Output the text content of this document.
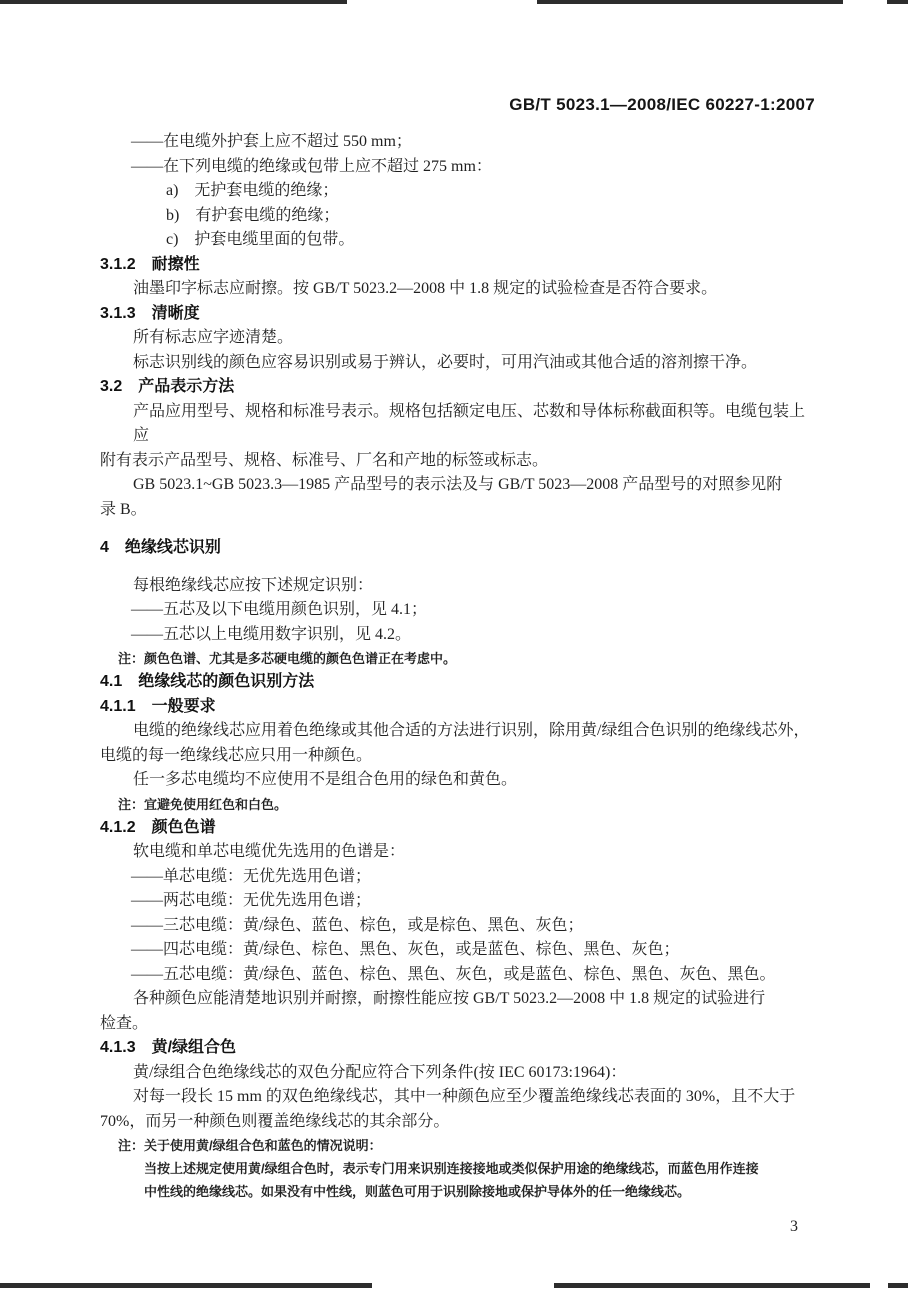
GB/T 5023.1—2008/IEC 60227-1:2007
——在电缆外护套上应不超过 550 mm；
——在下列电缆的绝缘或包带上应不超过 275 mm：
a)　无护套电缆的绝缘；
b)　有护套电缆的绝缘；
c)　护套电缆里面的包带。
3.1.2　耐擦性
油墨印字标志应耐擦。按 GB/T 5023.2—2008 中 1.8 规定的试验检查是否符合要求。
3.1.3　清晰度
所有标志应字迹清楚。
标志识别线的颜色应容易识别或易于辨认，必要时，可用汽油或其他合适的溶剂擦干净。
3.2　产品表示方法
产品应用型号、规格和标准号表示。规格包括额定电压、芯数和导体标称截面积等。电缆包装上应
附有表示产品型号、规格、标准号、厂名和产地的标签或标志。
GB 5023.1~GB 5023.3—1985 产品型号的表示法及与 GB/T 5023—2008 产品型号的对照参见附
录 B。
4　绝缘线芯识别
每根绝缘线芯应按下述规定识别：
——五芯及以下电缆用颜色识别，见 4.1；
——五芯以上电缆用数字识别，见 4.2。
注：颜色色谱、尤其是多芯硬电缆的颜色色谱正在考虑中。
4.1　绝缘线芯的颜色识别方法
4.1.1　一般要求
电缆的绝缘线芯应用着色绝缘或其他合适的方法进行识别，除用黄/绿组合色识别的绝缘线芯外，
电缆的每一绝缘线芯应只用一种颜色。
任一多芯电缆均不应使用不是组合色用的绿色和黄色。
注：宜避免使用红色和白色。
4.1.2　颜色色谱
软电缆和单芯电缆优先选用的色谱是：
——单芯电缆：无优先选用色谱；
——两芯电缆：无优先选用色谱；
——三芯电缆：黄/绿色、蓝色、棕色，或是棕色、黑色、灰色；
——四芯电缆：黄/绿色、棕色、黑色、灰色，或是蓝色、棕色、黑色、灰色；
——五芯电缆：黄/绿色、蓝色、棕色、黑色、灰色，或是蓝色、棕色、黑色、灰色、黑色。
各种颜色应能清楚地识别并耐擦，耐擦性能应按 GB/T 5023.2—2008 中 1.8 规定的试验进行
检查。
4.1.3　黄/绿组合色
黄/绿组合色绝缘线芯的双色分配应符合下列条件(按 IEC 60173:1964)：
对每一段长 15 mm 的双色绝缘线芯，其中一种颜色应至少覆盖绝缘线芯表面的 30%，且不大于
70%，而另一种颜色则覆盖绝缘线芯的其余部分。
注：关于使用黄/绿组合色和蓝色的情况说明：
当按上述规定使用黄/绿组合色时，表示专门用来识别连接接地或类似保护用途的绝缘线芯，而蓝色用作连接
中性线的绝缘线芯。如果没有中性线，则蓝色可用于识别除接地或保护导体外的任一绝缘线芯。
3
